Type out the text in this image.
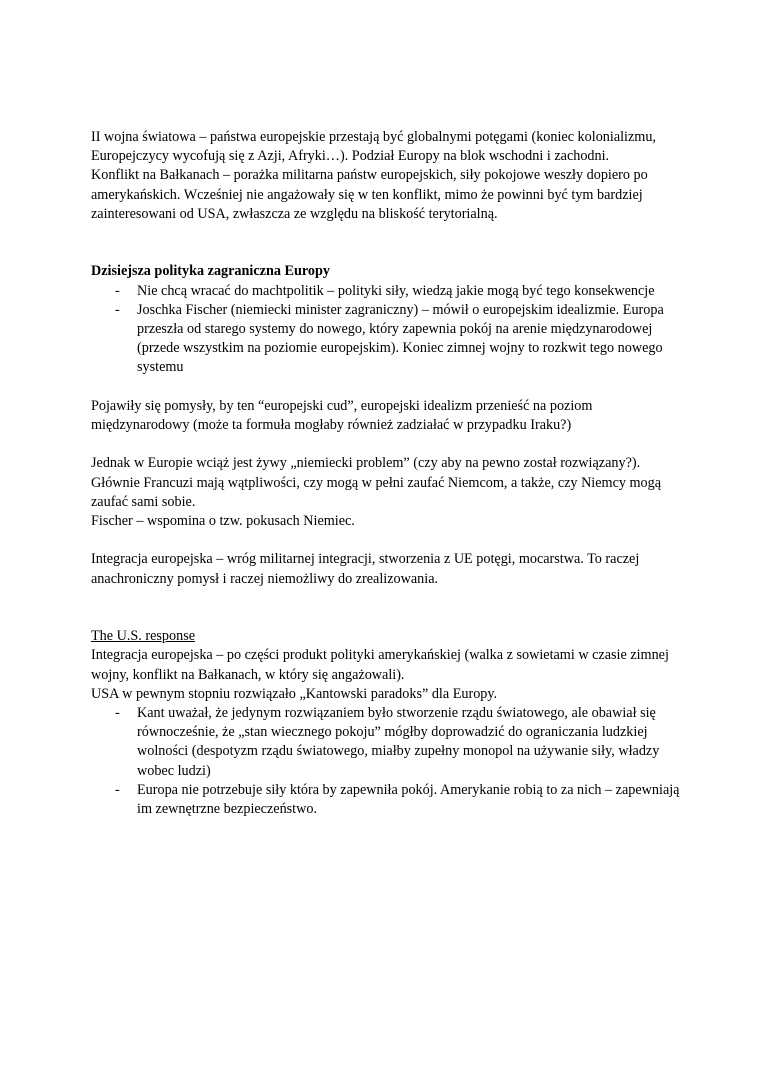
II wojna światowa – państwa europejskie przestają być globalnymi potęgami (koniec kolonializmu, Europejczycy wycofują się z Azji, Afryki…). Podział Europy na blok wschodni i zachodni.

Konflikt na Bałkanach – porażka militarna państw europejskich, siły pokojowe weszły dopiero po amerykańskich. Wcześniej nie angażowały się w ten konflikt, mimo że powinni być tym bardziej zainteresowani od USA, zwłaszcza ze względu na bliskość terytorialną.

Dzisiejsza polityka zagraniczna Europy

- Nie chcą wracać do machtpolitik – polityki siły, wiedzą jakie mogą być tego konsekwencje
- Joschka Fischer (niemiecki minister zagraniczny) – mówił o europejskim idealizmie. Europa przeszła od starego systemy do nowego, który zapewnia pokój na arenie międzynarodowej (przede wszystkim na poziomie europejskim). Koniec zimnej wojny to rozkwit tego nowego systemu

Pojawiły się pomysły, by ten “europejski cud”, europejski idealizm przenieść na poziom międzynarodowy (może ta formuła mogłaby również zadziałać w przypadku Iraku?)

Jednak w Europie wciąż jest żywy „niemiecki problem” (czy aby na pewno został rozwiązany?).

Głównie Francuzi mają wątpliwości, czy mogą w pełni zaufać Niemcom, a także, czy Niemcy mogą zaufać sami sobie.

Fischer – wspomina o tzw. pokusach Niemiec.

Integracja europejska – wróg militarnej integracji, stworzenia z UE potęgi, mocarstwa. To raczej anachroniczny pomysł i raczej niemożliwy do zrealizowania.

The U.S. response

Integracja europejska – po części produkt polityki amerykańskiej (walka z sowietami w czasie zimnej wojny, konflikt na Bałkanach, w który się angażowali).

USA w pewnym stopniu rozwiązało „Kantowski paradoks” dla Europy.

- Kant uważał, że jedynym rozwiązaniem było stworzenie rządu światowego, ale obawiał się równocześnie, że „stan wiecznego pokoju” mógłby doprowadzić do ograniczania ludzkiej wolności (despotyzm rządu światowego, miałby zupełny monopol na używanie siły, władzy wobec ludzi)
- Europa nie potrzebuje siły która by zapewniła pokój. Amerykanie robią to za nich – zapewniają im zewnętrzne bezpieczeństwo.
